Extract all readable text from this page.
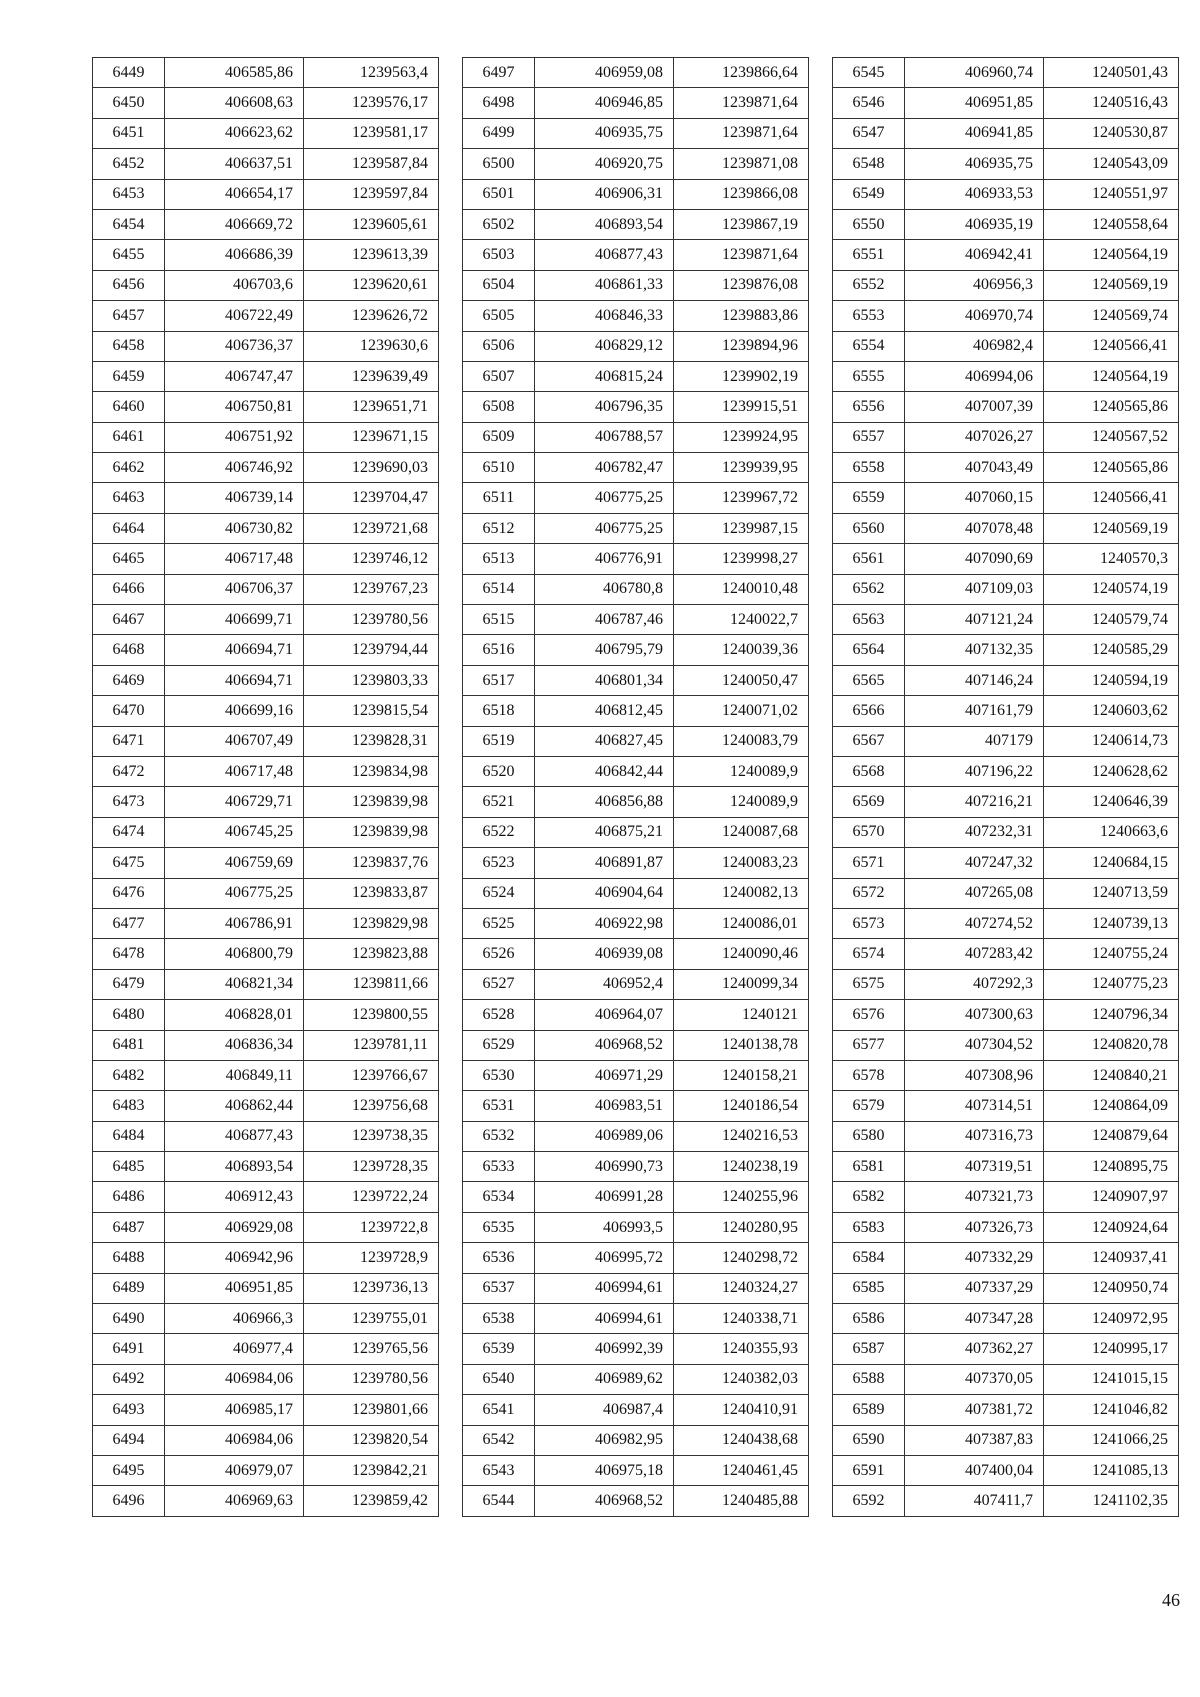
6449	406585,86	1239563,4
6450	406608,63	1239576,17
6451	406623,62	1239581,17
6452	406637,51	1239587,84
6453	406654,17	1239597,84
6454	406669,72	1239605,61
6455	406686,39	1239613,39
6456	406703,6	1239620,61
6457	406722,49	1239626,72
6458	406736,37	1239630,6
6459	406747,47	1239639,49
6460	406750,81	1239651,71
6461	406751,92	1239671,15
6462	406746,92	1239690,03
6463	406739,14	1239704,47
6464	406730,82	1239721,68
6465	406717,48	1239746,12
6466	406706,37	1239767,23
6467	406699,71	1239780,56
6468	406694,71	1239794,44
6469	406694,71	1239803,33
6470	406699,16	1239815,54
6471	406707,49	1239828,31
6472	406717,48	1239834,98
6473	406729,71	1239839,98
6474	406745,25	1239839,98
6475	406759,69	1239837,76
6476	406775,25	1239833,87
6477	406786,91	1239829,98
6478	406800,79	1239823,88
6479	406821,34	1239811,66
6480	406828,01	1239800,55
6481	406836,34	1239781,11
6482	406849,11	1239766,67
6483	406862,44	1239756,68
6484	406877,43	1239738,35
6485	406893,54	1239728,35
6486	406912,43	1239722,24
6487	406929,08	1239722,8
6488	406942,96	1239728,9
6489	406951,85	1239736,13
6490	406966,3	1239755,01
6491	406977,4	1239765,56
6492	406984,06	1239780,56
6493	406985,17	1239801,66
6494	406984,06	1239820,54
6495	406979,07	1239842,21
6496	406969,63	1239859,42
6497	406959,08	1239866,64
6498	406946,85	1239871,64
6499	406935,75	1239871,64
6500	406920,75	1239871,08
6501	406906,31	1239866,08
6502	406893,54	1239867,19
6503	406877,43	1239871,64
6504	406861,33	1239876,08
6505	406846,33	1239883,86
6506	406829,12	1239894,96
6507	406815,24	1239902,19
6508	406796,35	1239915,51
6509	406788,57	1239924,95
6510	406782,47	1239939,95
6511	406775,25	1239967,72
6512	406775,25	1239987,15
6513	406776,91	1239998,27
6514	406780,8	1240010,48
6515	406787,46	1240022,7
6516	406795,79	1240039,36
6517	406801,34	1240050,47
6518	406812,45	1240071,02
6519	406827,45	1240083,79
6520	406842,44	1240089,9
6521	406856,88	1240089,9
6522	406875,21	1240087,68
6523	406891,87	1240083,23
6524	406904,64	1240082,13
6525	406922,98	1240086,01
6526	406939,08	1240090,46
6527	406952,4	1240099,34
6528	406964,07	1240121
6529	406968,52	1240138,78
6530	406971,29	1240158,21
6531	406983,51	1240186,54
6532	406989,06	1240216,53
6533	406990,73	1240238,19
6534	406991,28	1240255,96
6535	406993,5	1240280,95
6536	406995,72	1240298,72
6537	406994,61	1240324,27
6538	406994,61	1240338,71
6539	406992,39	1240355,93
6540	406989,62	1240382,03
6541	406987,4	1240410,91
6542	406982,95	1240438,68
6543	406975,18	1240461,45
6544	406968,52	1240485,88
6545	406960,74	1240501,43
6546	406951,85	1240516,43
6547	406941,85	1240530,87
6548	406935,75	1240543,09
6549	406933,53	1240551,97
6550	406935,19	1240558,64
6551	406942,41	1240564,19
6552	406956,3	1240569,19
6553	406970,74	1240569,74
6554	406982,4	1240566,41
6555	406994,06	1240564,19
6556	407007,39	1240565,86
6557	407026,27	1240567,52
6558	407043,49	1240565,86
6559	407060,15	1240566,41
6560	407078,48	1240569,19
6561	407090,69	1240570,3
6562	407109,03	1240574,19
6563	407121,24	1240579,74
6564	407132,35	1240585,29
6565	407146,24	1240594,19
6566	407161,79	1240603,62
6567	407179	1240614,73
6568	407196,22	1240628,62
6569	407216,21	1240646,39
6570	407232,31	1240663,6
6571	407247,32	1240684,15
6572	407265,08	1240713,59
6573	407274,52	1240739,13
6574	407283,42	1240755,24
6575	407292,3	1240775,23
6576	407300,63	1240796,34
6577	407304,52	1240820,78
6578	407308,96	1240840,21
6579	407314,51	1240864,09
6580	407316,73	1240879,64
6581	407319,51	1240895,75
6582	407321,73	1240907,97
6583	407326,73	1240924,64
6584	407332,29	1240937,41
6585	407337,29	1240950,74
6586	407347,28	1240972,95
6587	407362,27	1240995,17
6588	407370,05	1241015,15
6589	407381,72	1241046,82
6590	407387,83	1241066,25
6591	407400,04	1241085,13
6592	407411,7	1241102,35
46
